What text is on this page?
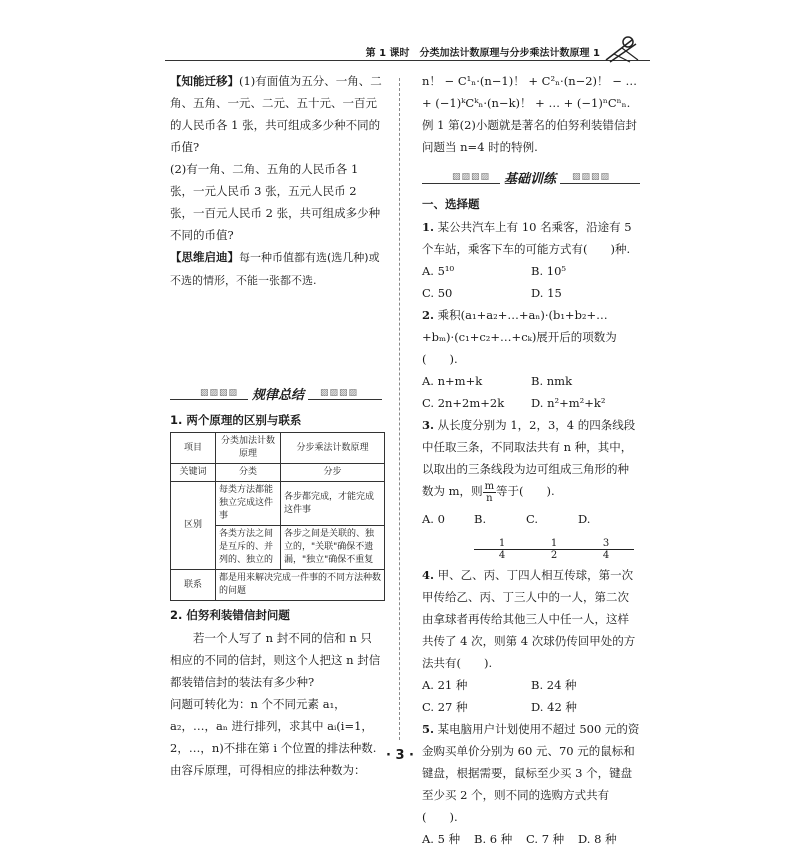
第 1 课时　分类加法计数原理与分步乘法计数原理 1

【知能迁移】(1)有面值为五分、一角、二角、五角、一元、二元、五十元、一百元的人民币各 1 张，共可组成多少种不同的币值?

(2)有一角、二角、五角的人民币各 1 张，一元人民币 3 张，五元人民币 2 张，一百元人民币 2 张，共可组成多少种不同的币值?

【思维启迪】每一种币值都有选(选几种)或不选的情形，不能一张都不选.

▨▨▨▨	规律总结	▨▨▨▨
1. 两个原理的区别与联系
项目	分类加法计数原理	分步乘法计数原理
关键词	分类	分步
区别	每类方法都能独立完成这件事	各步都完成，才能完成这件事
	各类方法之间是互斥的、并列的、独立的	各步之间是关联的、独立的，"关联"确保不遗漏，"独立"确保不重复
联系	都是用来解决完成一件事的不同方法种数的问题	
2. 伯努利装错信封问题

若一个人写了 n 封不同的信和 n 只相应的不同的信封，则这个人把这 n 封信都装错信封的装法有多少种?

问题可转化为：n 个不同元素 a₁，a₂，…，aₙ 进行排列，求其中 aᵢ(i=1，2，…，n)不排在第 i 个位置的排法种数. 由容斥原理，可得相应的排法种数为：

n！ − C¹ₙ·(n−1)！ + C²ₙ·(n−2)！ − …

+ (−1)ᵏCᵏₙ·(n−k)！ + … + (−1)ⁿCⁿₙ.

例 1 第(2)小题就是著名的伯努利装错信封问题当 n=4 时的特例.

▨▨▨▨	基础训练	▨▨▨▨
一、选择题

1. 某公共汽车上有 10 名乘客，沿途有 5 个车站，乘客下车的可能方式有(　　)种.

A. 5¹⁰	B. 10⁵
C. 50	D. 15

2. 乘积(a₁+a₂+…+aₙ)·(b₁+b₂+…+bₘ)·(c₁+c₂+…+cₖ)展开后的项数为(　　).

A. n+m+k	B. nmk
C. 2n+2m+2k	D. n²+m²+k²

3. 从长度分别为 1，2，3，4 的四条线段中任取三条，不同取法共有 n 种，其中，以取出的三条线段为边可组成三角形的种数为 m，则 $\frac{m}{n}$ 等于(　　).

A. 0	B.
$\frac{1}{4}$
C.
$\frac{1}{2}$
D.
$\frac{3}{4}$

4. 甲、乙、丙、丁四人相互传球，第一次甲传给乙、丙、丁三人中的一人，第二次由拿球者再传给其他三人中任一人，这样共传了 4 次，则第 4 次球仍传回甲处的方法共有(　　).

A. 21 种	B. 24 种
C. 27 种	D. 42 种

5. 某电脑用户计划使用不超过 500 元的资金购买单价分别为 60 元、70 元的鼠标和键盘，根据需要，鼠标至少买 3 个，键盘至少买 2 个，则不同的选购方式共有(　　).

A. 5 种	B. 6 种	C. 7 种	D. 8 种
· 3 ·
